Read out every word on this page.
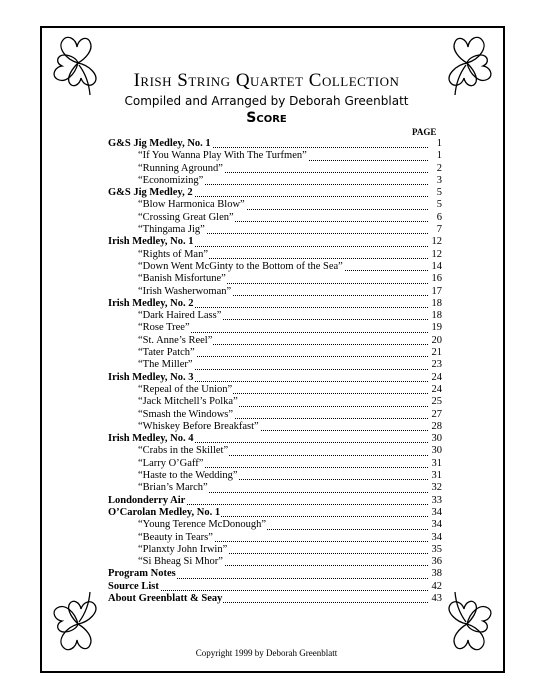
Irish String Quartet Collection
Compiled and Arranged by Deborah Greenblatt
Score
PAGE
G&S Jig Medley, No. 1	1
“If You Wanna Play With The Turfmen”	1
“Running Aground”	2
“Economizing”	3
G&S Jig Medley, 2	5
“Blow Harmonica Blow”	5
“Crossing Great Glen”	6
“Thingama Jig”	7
Irish Medley, No. 1	12
“Rights of Man”	12
“Down Went McGinty to the Bottom of the Sea”	14
“Banish Misfortune”	16
“Irish Washerwoman”	17
Irish Medley, No. 2	18
“Dark Haired Lass”	18
“Rose Tree”	19
“St. Anne’s Reel”	20
“Tater Patch”	21
“The Miller”	23
Irish Medley, No. 3	24
“Repeal of the Union”	24
“Jack Mitchell’s Polka”	25
“Smash the Windows”	27
“Whiskey Before Breakfast”	28
Irish Medley, No. 4	30
“Crabs in the Skillet”	30
“Larry O’Gaff”	31
“Haste to the Wedding”	31
“Brian’s March”	32
Londonderry Air	33
O’Carolan Medley, No. 1	34
“Young Terence McDonough”	34
“Beauty in Tears”	34
“Planxty John Irwin”	35
“Si Bheag Si Mhor”	36
Program Notes	38
Source List	42
About Greenblatt & Seay	43
Copyright 1999 by Deborah Greenblatt
